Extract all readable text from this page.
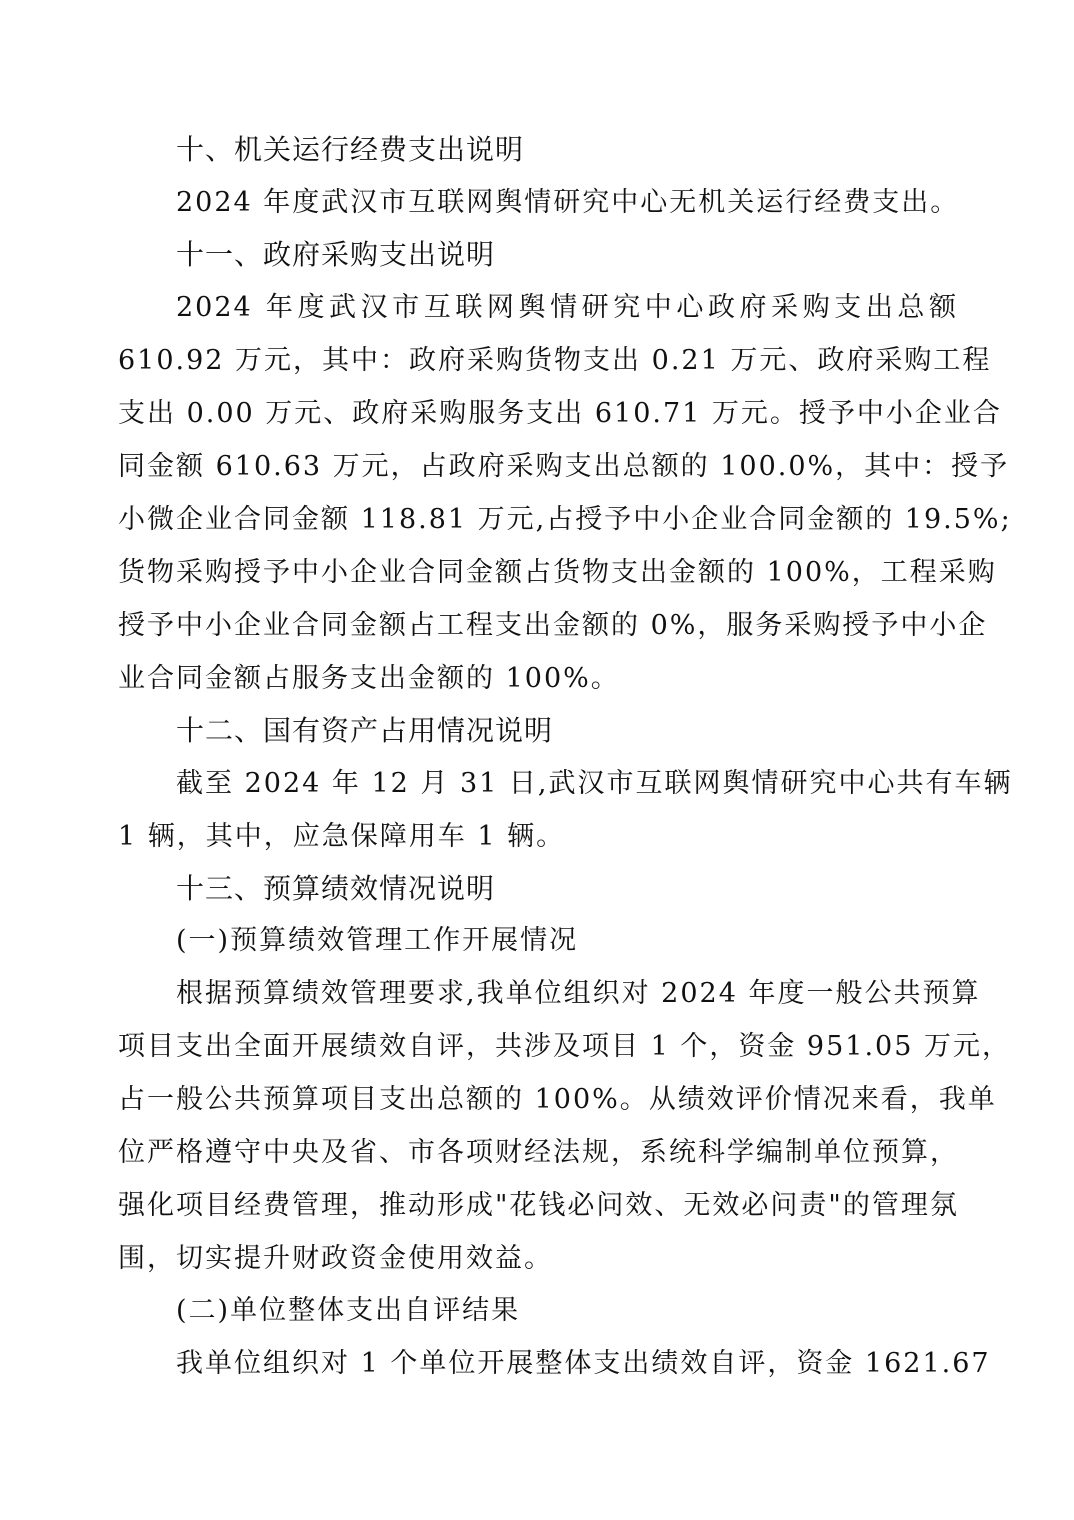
十、机关运行经费支出说明
2024 年度武汉市互联网舆情研究中心无机关运行经费支出。
十一、政府采购支出说明
2024 年度武汉市互联网舆情研究中心政府采购支出总额
610.92 万元，其中：政府采购货物支出 0.21 万元、政府采购工程
支出 0.00 万元、政府采购服务支出 610.71 万元。授予中小企业合
同金额 610.63 万元，占政府采购支出总额的 100.0%，其中：授予
小微企业合同金额 118.81 万元,占授予中小企业合同金额的 19.5%;
货物采购授予中小企业合同金额占货物支出金额的 100%，工程采购
授予中小企业合同金额占工程支出金额的 0%，服务采购授予中小企
业合同金额占服务支出金额的 100%。
十二、国有资产占用情况说明
截至 2024 年 12 月 31 日,武汉市互联网舆情研究中心共有车辆
1 辆，其中，应急保障用车 1 辆。
十三、预算绩效情况说明
(一)预算绩效管理工作开展情况
根据预算绩效管理要求,我单位组织对 2024 年度一般公共预算
项目支出全面开展绩效自评，共涉及项目 1 个，资金 951.05 万元，
占一般公共预算项目支出总额的 100%。从绩效评价情况来看，我单
位严格遵守中央及省、市各项财经法规，系统科学编制单位预算，
强化项目经费管理，推动形成"花钱必问效、无效必问责"的管理氛
围，切实提升财政资金使用效益。
(二)单位整体支出自评结果
我单位组织对 1 个单位开展整体支出绩效自评，资金 1621.67
